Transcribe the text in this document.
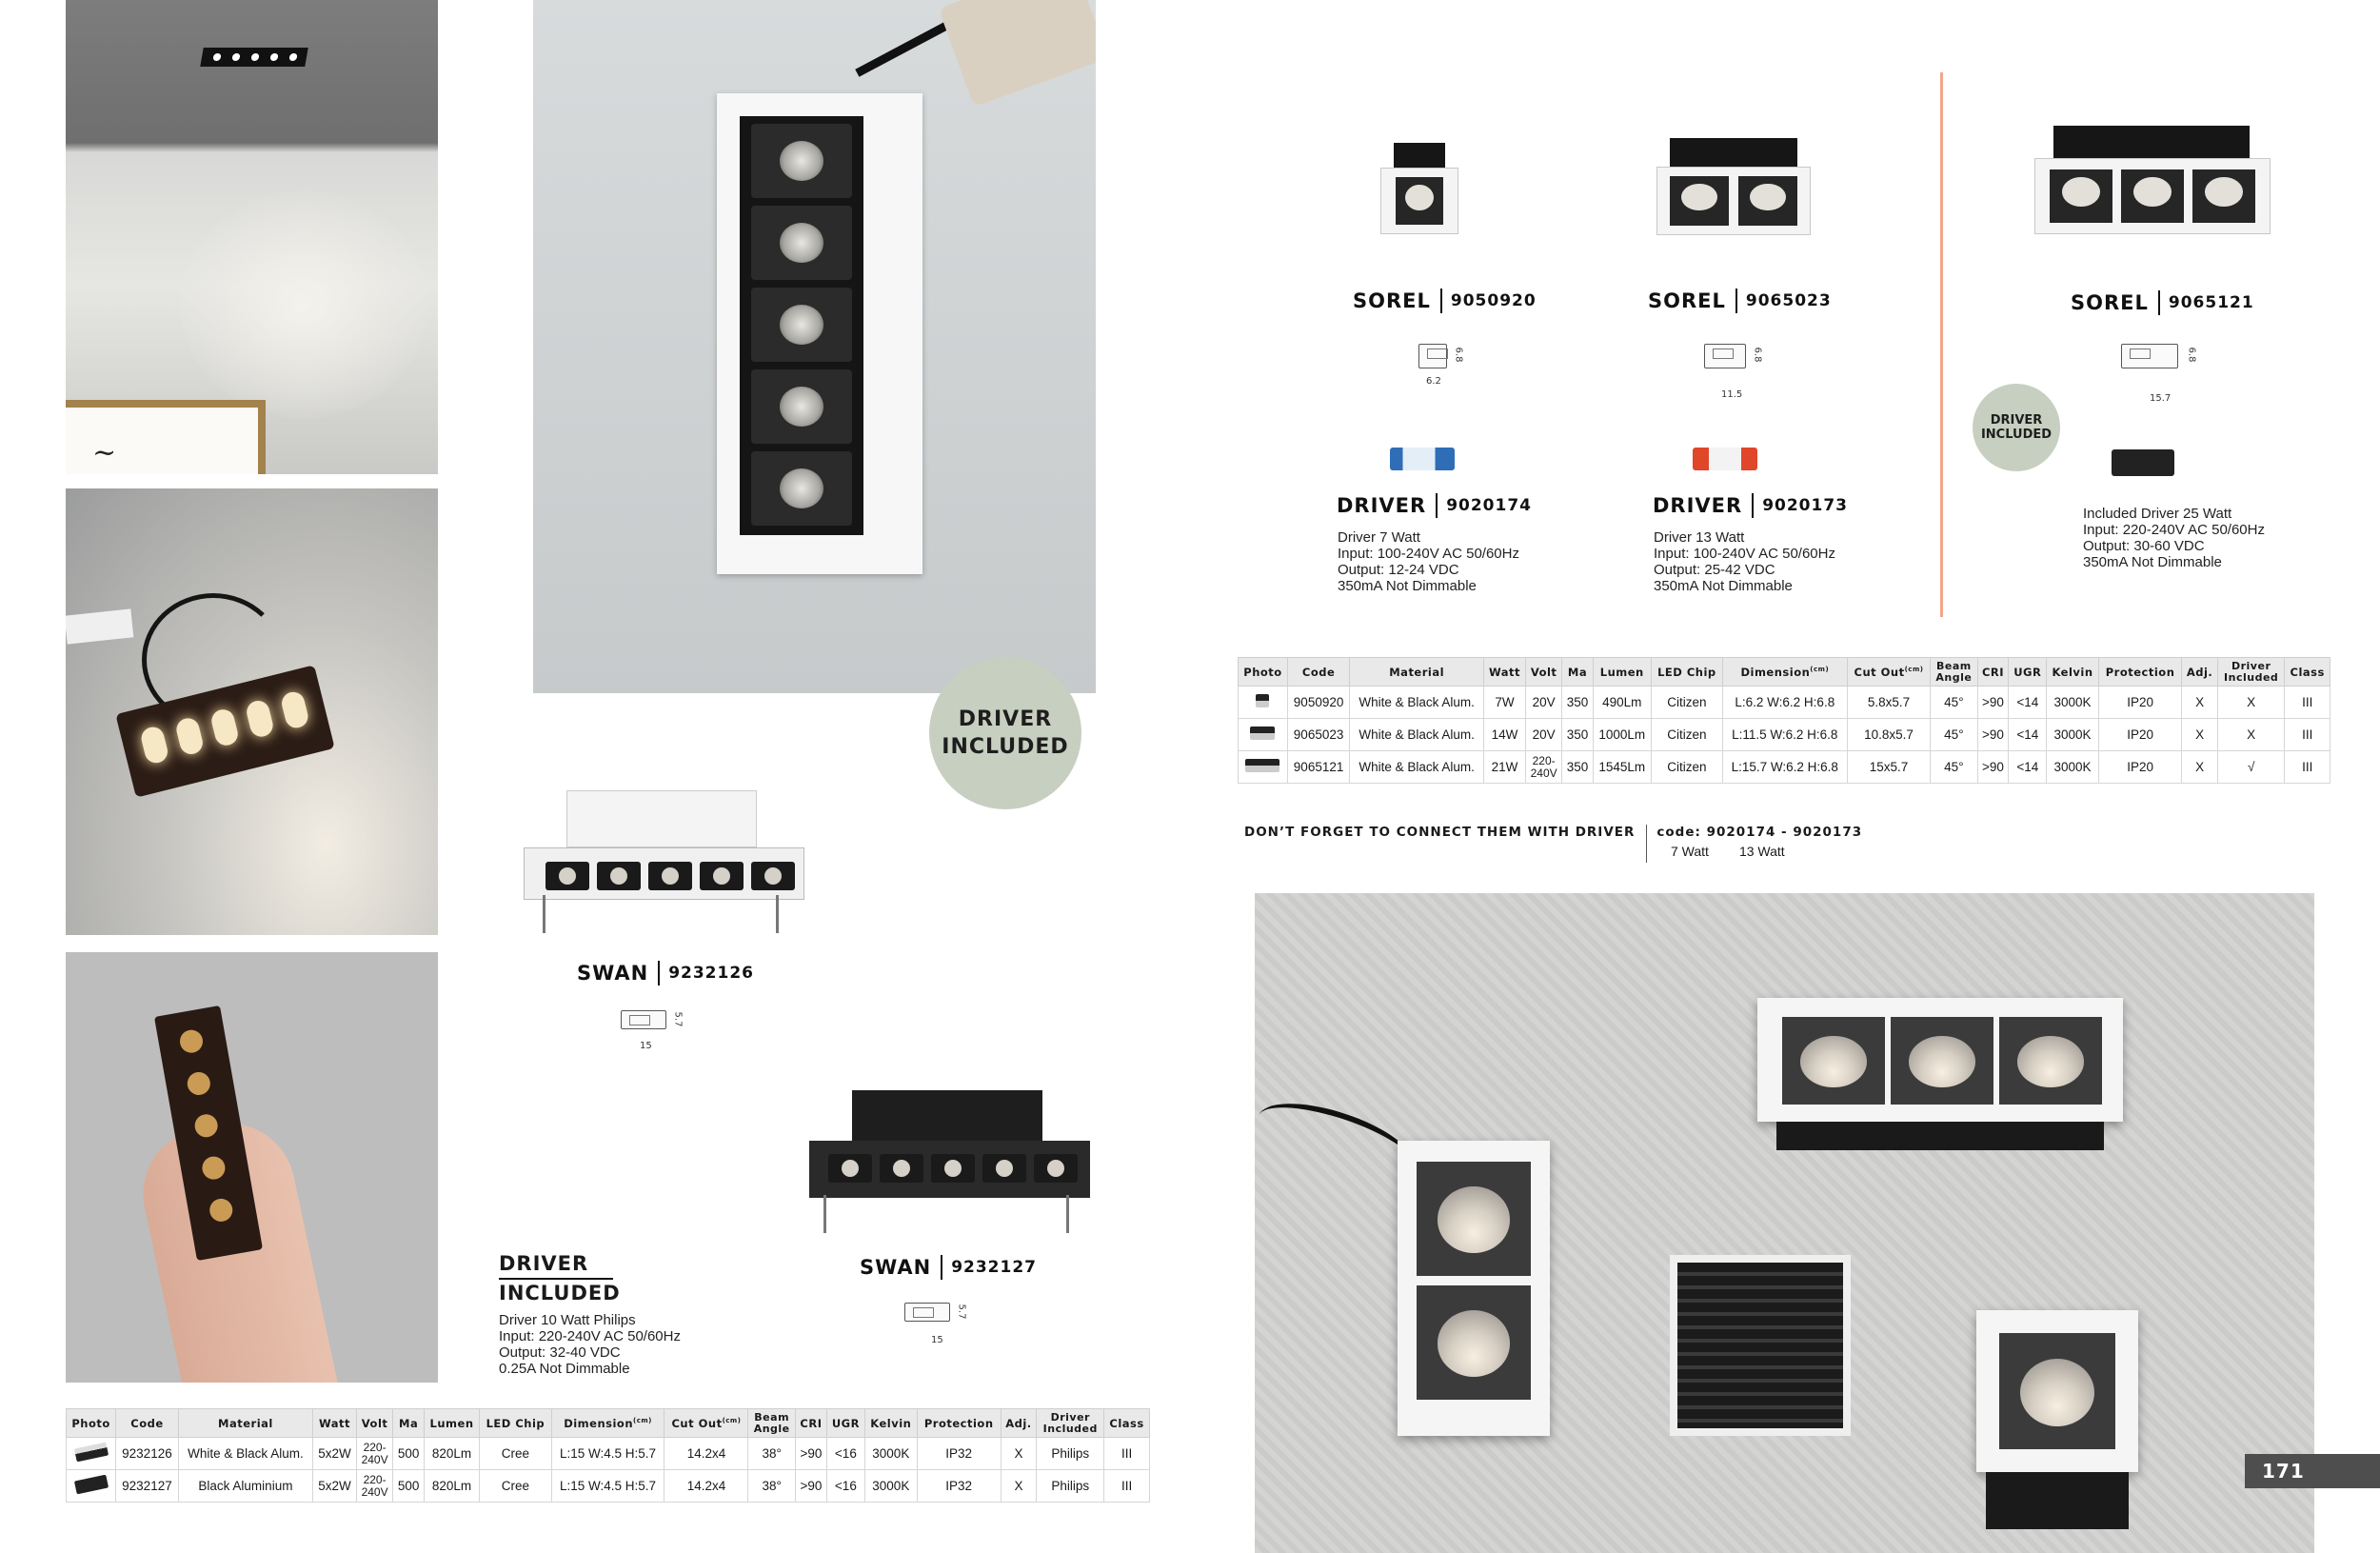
~
DRIVER
INCLUDED
SWAN 9232126
15
5.7
SWAN 9232127
15
5.7
DRIVER
INCLUDED
Driver 10 Watt Philips
Input: 220-240V AC 50/60Hz
Output: 32-40 VDC
0.25A Not Dimmable
Photo	Code	Material	Watt	Volt	Ma	Lumen	LED Chip	Dimension$^{(cm)}$	Cut Out$^{(cm)}$	Beam
Angle	CRI	UGR	Kelvin	Protection	Adj.	Driver
Included	Class
	9232126	White & Black Alum.	5x2W	220-
240V	500	820Lm	Cree	L:15 W:4.5 H:5.7	14.2x4	38°	>90	<16	3000K	IP32	X	Philips	III
	9232127	Black Aluminium	5x2W	220-
240V	500	820Lm	Cree	L:15 W:4.5 H:5.7	14.2x4	38°	>90	<16	3000K	IP32	X	Philips	III
SOREL 9050920
6.2
6.8
SOREL 9065023
11.5
6.8
SOREL 9065121
15.7
6.8
DRIVER 9020174
Driver 7 Watt
Input: 100-240V AC 50/60Hz
Output: 12-24 VDC
350mA Not Dimmable
DRIVER 9020173
Driver 13 Watt
Input: 100-240V AC 50/60Hz
Output: 25-42 VDC
350mA Not Dimmable
DRIVER
INCLUDED
Included Driver 25 Watt
Input: 220-240V AC 50/60Hz
Output: 30-60 VDC
350mA Not Dimmable
Photo	Code	Material	Watt	Volt	Ma	Lumen	LED Chip	Dimension$^{(cm)}$	Cut Out$^{(cm)}$	Beam
Angle	CRI	UGR	Kelvin	Protection	Adj.	Driver
Included	Class
	9050920	White & Black Alum.	7W	20V	350	490Lm	Citizen	L:6.2 W:6.2 H:6.8	5.8x5.7	45°	>90	<14	3000K	IP20	X	X	III
	9065023	White & Black Alum.	14W	20V	350	1000Lm	Citizen	L:11.5 W:6.2 H:6.8	10.8x5.7	45°	>90	<14	3000K	IP20	X	X	III
	9065121	White & Black Alum.	21W	220-
240V	350	1545Lm	Citizen	L:15.7 W:6.2 H:6.8	15x5.7	45°	>90	<14	3000K	IP20	X	√	III
DON’T FORGET TO CONNECT THEM WITH DRIVER code: 9020174 - 9020173
7 Watt 13 Watt
171
